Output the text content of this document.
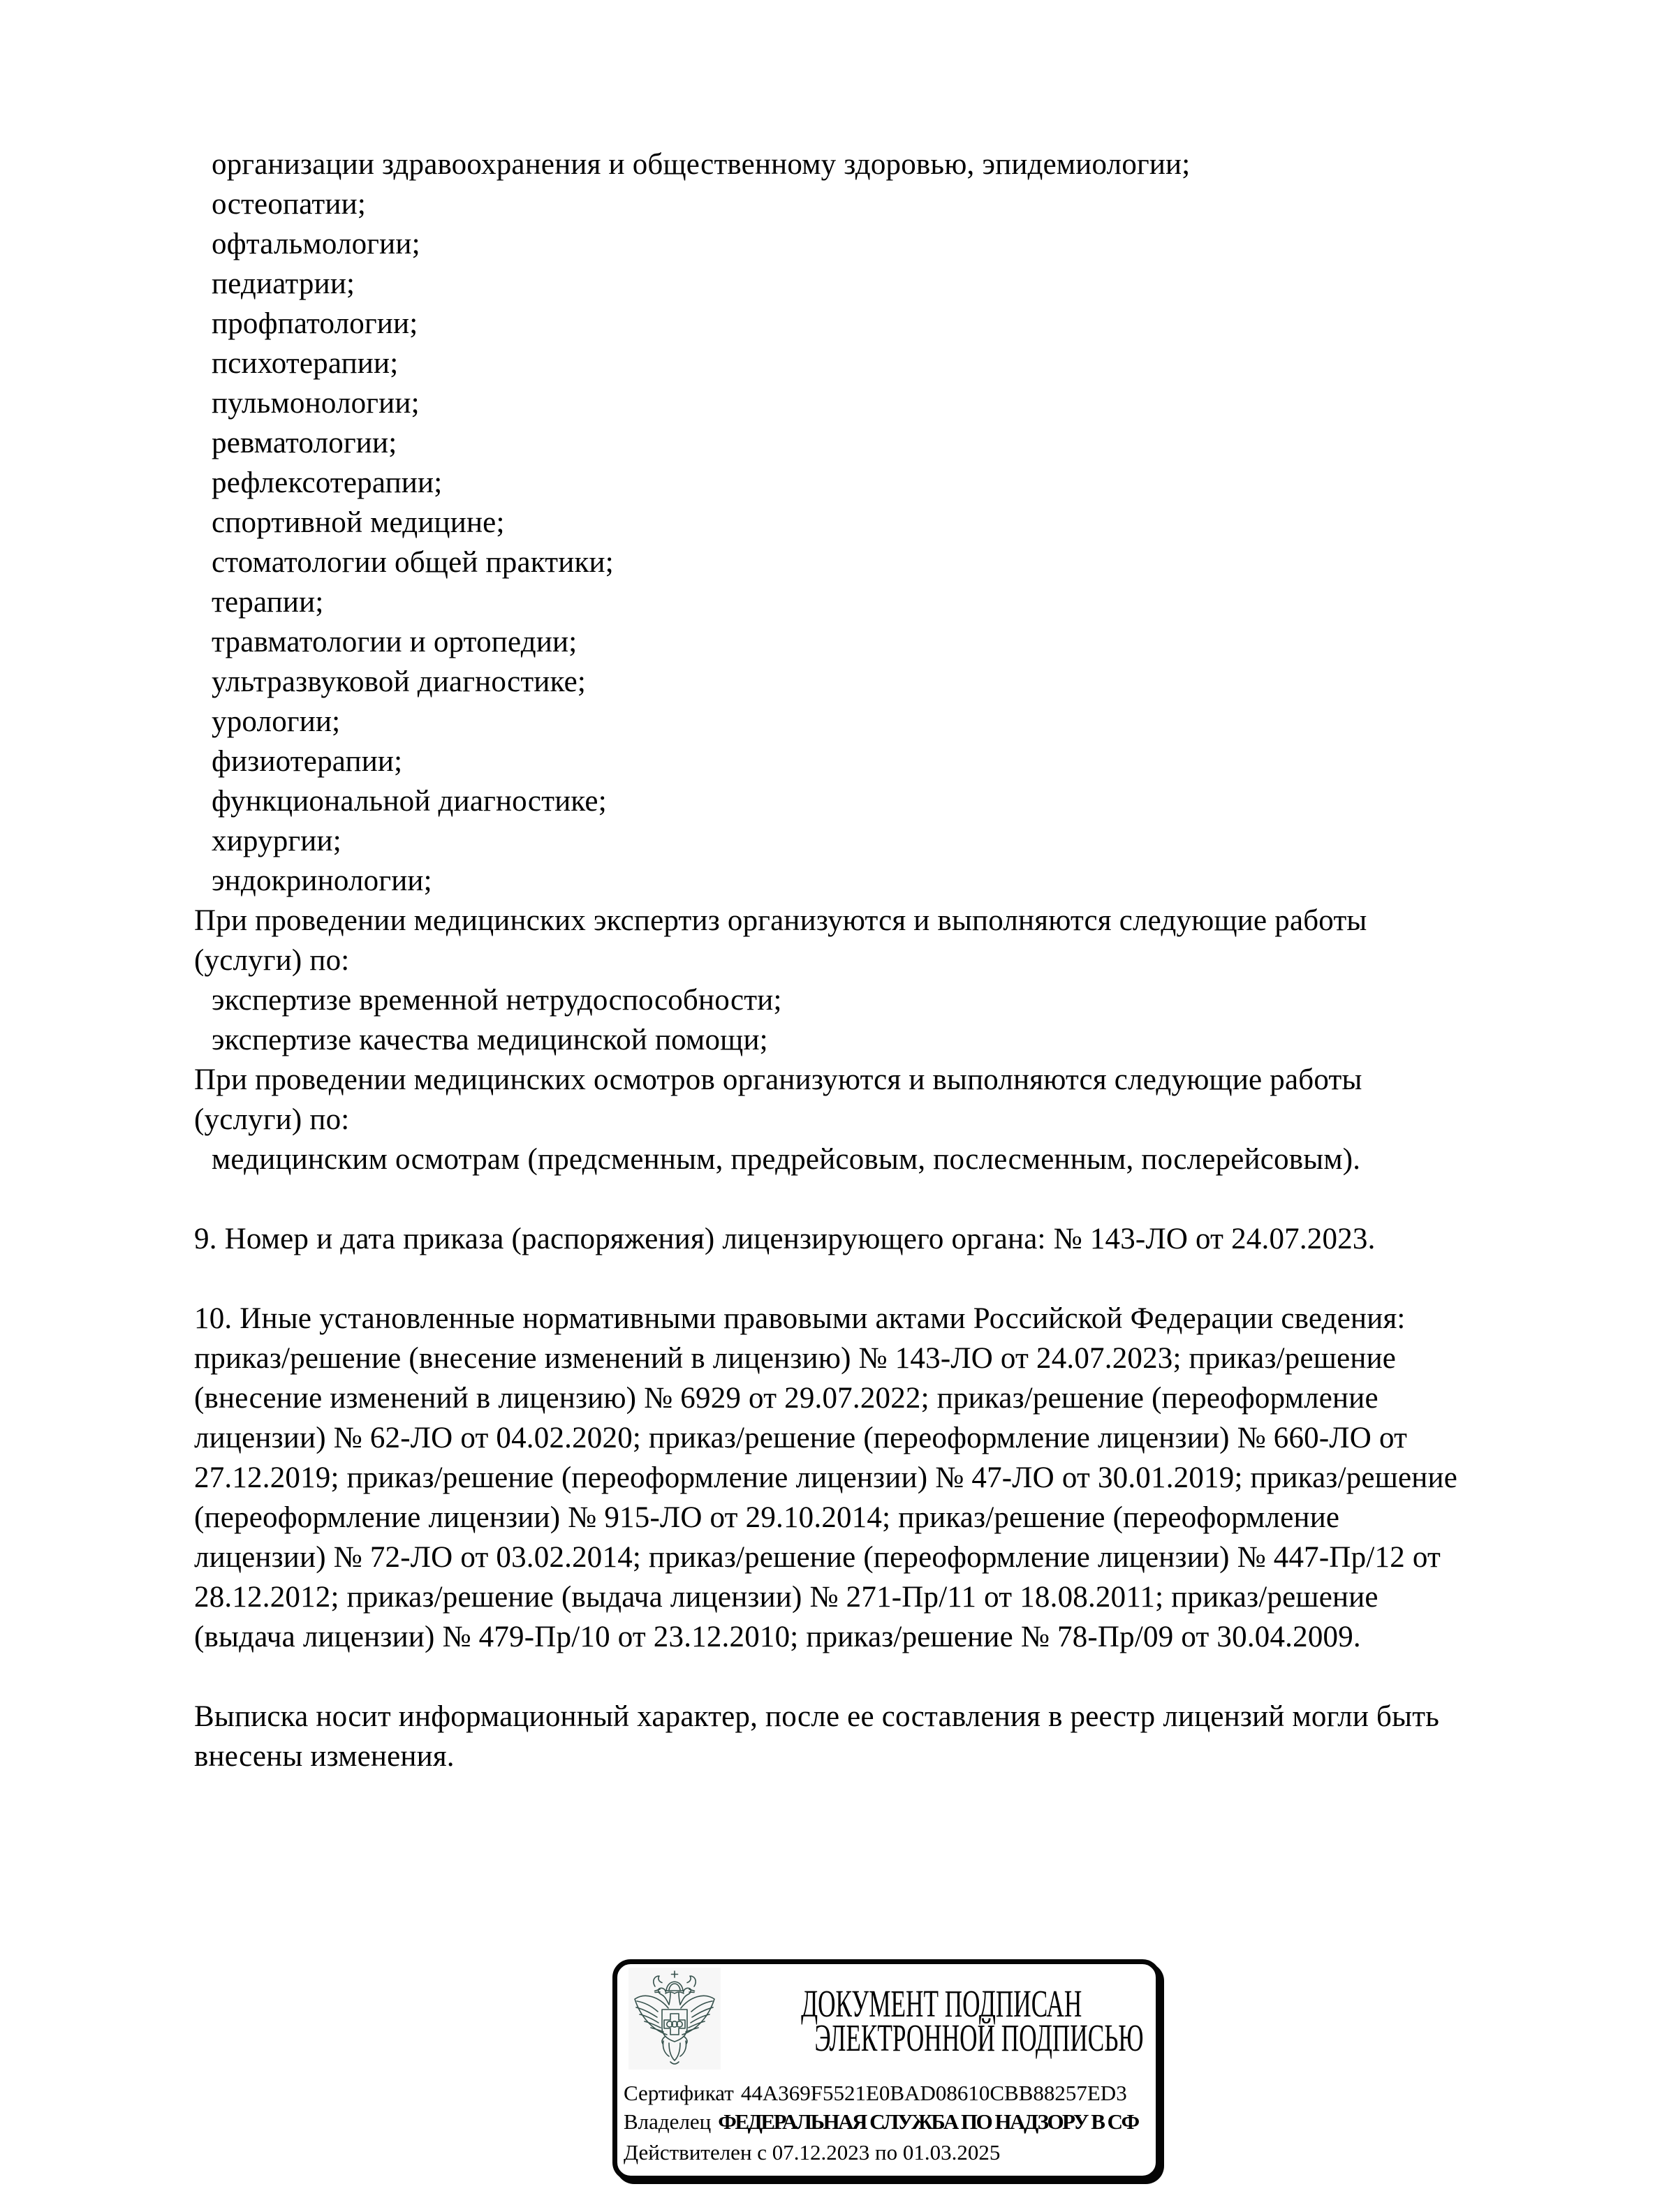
организации здравоохранения и общественному здоровью, эпидемиологии;
остеопатии;
офтальмологии;
педиатрии;
профпатологии;
психотерапии;
пульмонологии;
ревматологии;
рефлексотерапии;
спортивной медицине;
стоматологии общей практики;
терапии;
травматологии и ортопедии;
ультразвуковой диагностике;
урологии;
физиотерапии;
функциональной диагностике;
хирургии;
эндокринологии;
При проведении медицинских экспертиз организуются и выполняются следующие работы
(услуги) по:
экспертизе временной нетрудоспособности;
экспертизе качества медицинской помощи;
При проведении медицинских осмотров организуются и выполняются следующие работы
(услуги) по:
медицинским осмотрам (предсменным, предрейсовым, послесменным, послерейсовым).

9. Номер и дата приказа (распоряжения) лицензирующего органа: № 143-ЛО от 24.07.2023.

10. Иные установленные нормативными правовыми актами Российской Федерации сведения:
приказ/решение (внесение изменений в лицензию) № 143-ЛО от 24.07.2023; приказ/решение
(внесение изменений в лицензию) № 6929 от 29.07.2022; приказ/решение (переоформление
лицензии) № 62-ЛО от 04.02.2020; приказ/решение (переоформление лицензии) № 660-ЛО от
27.12.2019; приказ/решение (переоформление лицензии) № 47-ЛО от 30.01.2019; приказ/решение
(переоформление лицензии) № 915-ЛО от 29.10.2014; приказ/решение (переоформление
лицензии) № 72-ЛО от 03.02.2014; приказ/решение (переоформление лицензии) № 447-Пр/12 от
28.12.2012; приказ/решение (выдача лицензии) № 271-Пр/11 от 18.08.2011; приказ/решение
(выдача лицензии) № 479-Пр/10 от 23.12.2010; приказ/решение № 78-Пр/09 от 30.04.2009.

Выписка носит информационный характер, после ее составления в реестр лицензий могли быть
внесены изменения.
ДОКУМЕНТ ПОДПИСАН
ЭЛЕКТРОННОЙ ПОДПИСЬЮ
Сертификат 44A369F5521E0BAD08610CBB88257ED3
Владелец ФЕДЕРАЛЬНАЯ СЛУЖБА ПО НАДЗОРУ В СФ
Действителен с 07.12.2023 по 01.03.2025
